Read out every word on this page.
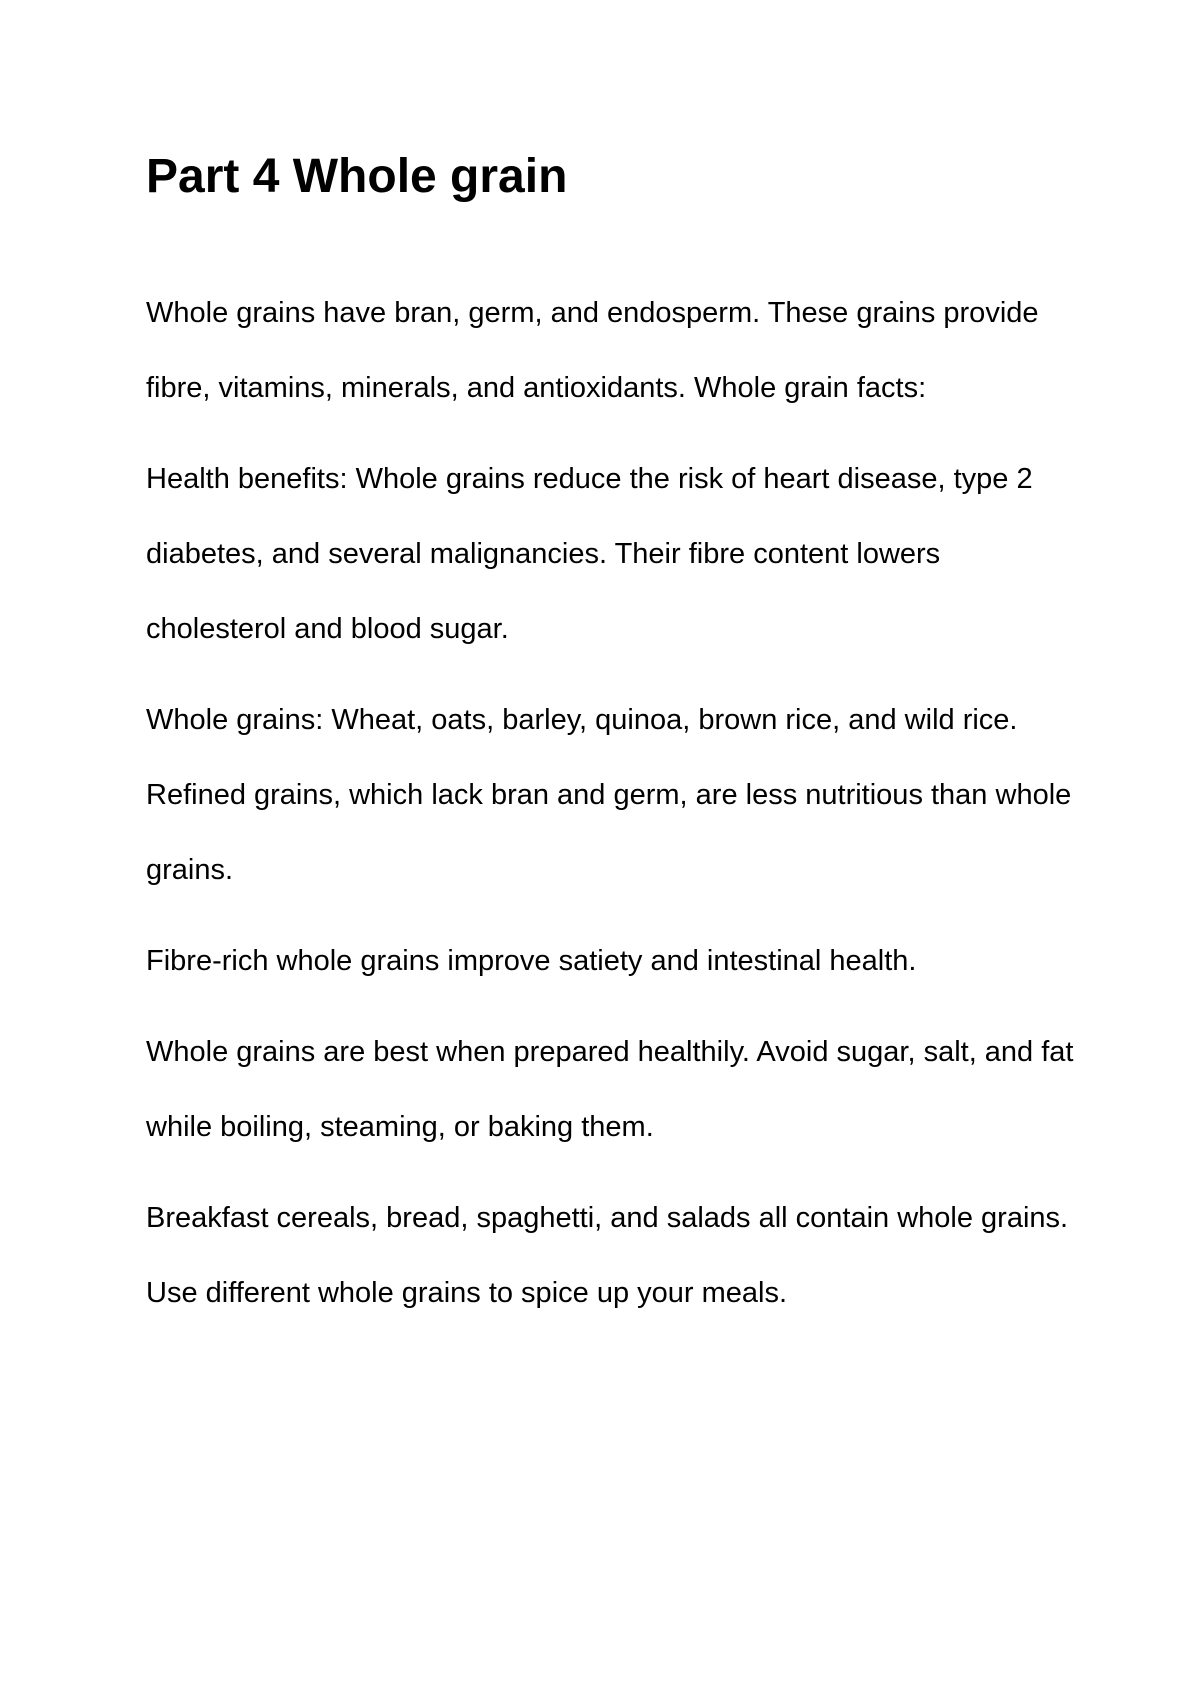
Part 4 Whole grain

Whole grains have bran, germ, and endosperm. These grains provide fibre, vitamins, minerals, and antioxidants. Whole grain facts:

Health benefits: Whole grains reduce the risk of heart disease, type 2 diabetes, and several malignancies. Their fibre content lowers cholesterol and blood sugar.

Whole grains: Wheat, oats, barley, quinoa, brown rice, and wild rice. Refined grains, which lack bran and germ, are less nutritious than whole grains.

Fibre-rich whole grains improve satiety and intestinal health.

Whole grains are best when prepared healthily. Avoid sugar, salt, and fat while boiling, steaming, or baking them.

Breakfast cereals, bread, spaghetti, and salads all contain whole grains. Use different whole grains to spice up your meals.
